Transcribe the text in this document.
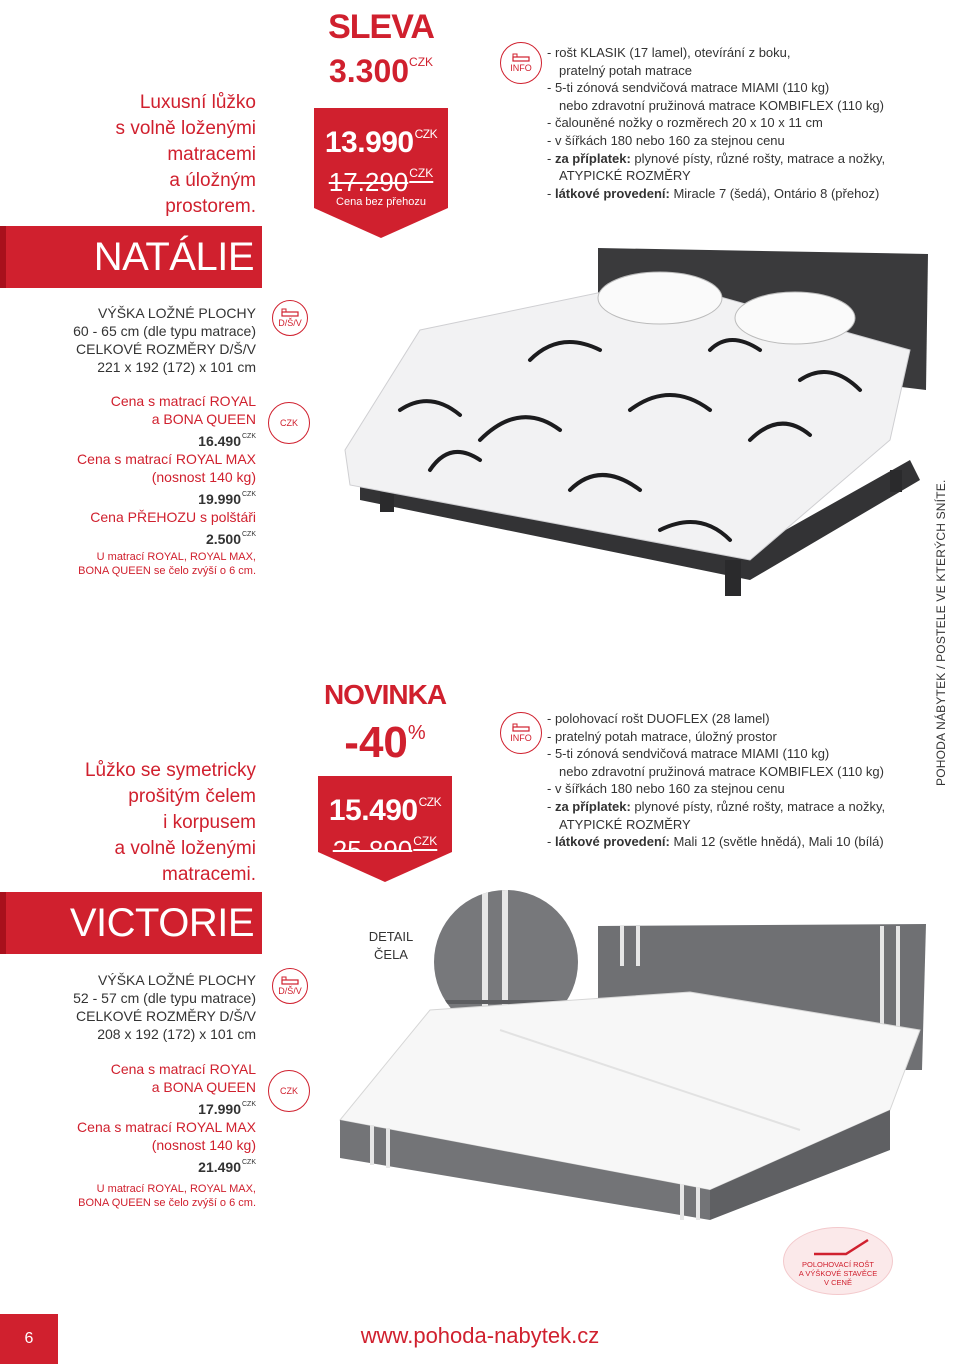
Luxusní lůžko
s volně loženými
matracemi
a úložným
prostorem.
NATÁLIE
VÝŠKA LOŽNÉ PLOCHY
60 - 65 cm (dle typu matrace)
CELKOVÉ ROZMĚRY D/Š/V
221 x 192 (172) x 101 cm
D/Š/V
Cena s matrací ROYAL
a BONA QUEEN
$16.490^{CZK}$
Cena s matrací ROYAL MAX
(nosnost 140 kg)
$19.990^{CZK}$
Cena PŘEHOZU s polštáři
$2.500^{CZK}$
CZK
U matrací ROYAL, ROYAL MAX,
BONA QUEEN se čelo zvýší o 6 cm.
SLEVA
$3.300^{CZK}$
$13.990^{CZK}$
$17.290^{CZK}$
Cena bez přehozu
a polštářů.
INFO
- rošt KLASIK (17 lamel), otevírání z boku,
pratelný potah matrace
- 5-ti zónová sendvičová matrace MIAMI (110 kg)
nebo zdravotní pružinová matrace KOMBIFLEX (110 kg)
- čalouněné nožky o rozměrech 20 x 10 x 11 cm
- v šířkách 180 nebo 160 za stejnou cenu
- za příplatek: plynové písty, různé rošty, matrace a nožky,
ATYPICKÉ ROZMĚRY
- látkové provedení: Miracle 7 (šedá), Ontário 8 (přehoz)
POHODA NÁBYTEK / POSTELE VE KTERÝCH SNÍTE.
Lůžko se symetricky
prošitým čelem
i korpusem
a volně loženými
matracemi.
VICTORIE
VÝŠKA LOŽNÉ PLOCHY
52 - 57 cm (dle typu matrace)
CELKOVÉ ROZMĚRY D/Š/V
208 x 192 (172) x 101 cm
D/Š/V
Cena s matrací ROYAL
a BONA QUEEN
$17.990^{CZK}$
Cena s matrací ROYAL MAX
(nosnost 140 kg)
$21.490^{CZK}$
CZK
U matrací ROYAL, ROYAL MAX,
BONA QUEEN se čelo zvýší o 6 cm.
NOVINKA
-40%
$15.490^{CZK}$
$25.890^{CZK}$
INFO
- polohovací rošt DUOFLEX (28 lamel)
- pratelný potah matrace, úložný prostor
- 5-ti zónová sendvičová matrace MIAMI (110 kg)
nebo zdravotní pružinová matrace KOMBIFLEX (110 kg)
- v šířkách 180 nebo 160 za stejnou cenu
- za příplatek: plynové písty, různé rošty, matrace a nožky,
ATYPICKÉ ROZMĚRY
- látkové provedení: Mali 12 (světle hnědá), Mali 10 (bílá)
DETAIL
ČELA
POLOHOVACÍ ROŠT
A VÝŠKOVÉ STAVĚCE
V CENĚ
6	www.pohoda-nabytek.cz
